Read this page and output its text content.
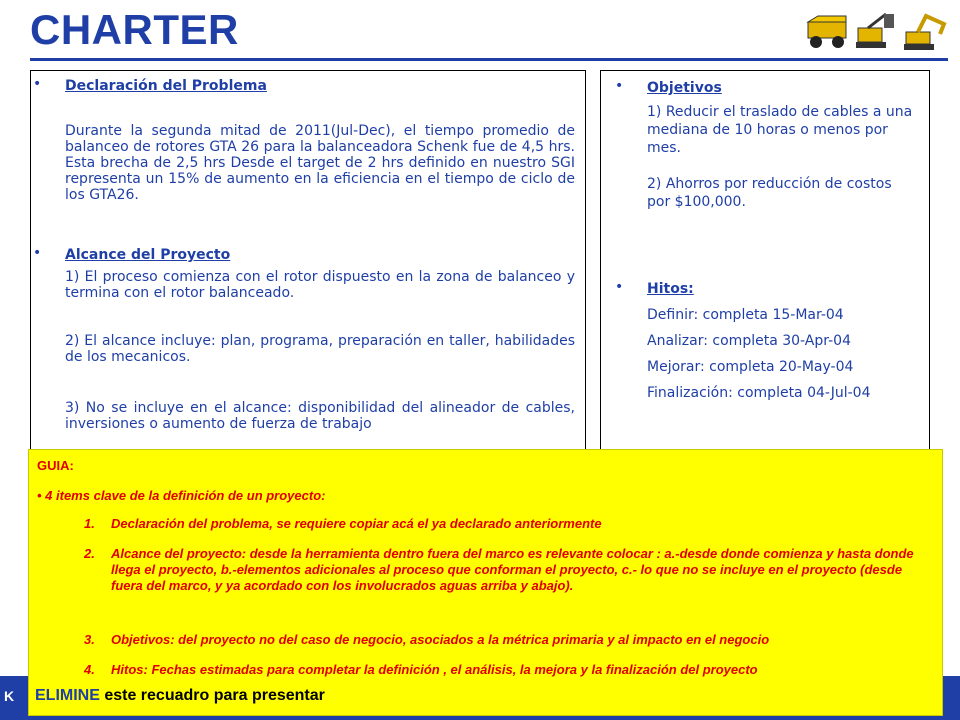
CHARTER
• Declaración del Problema
Durante la segunda mitad de 2011(Jul-Dec), el tiempo promedio de balanceo de rotores GTA 26 para la balanceadora Schenk fue de 4,5 hrs. Esta brecha de 2,5 hrs Desde el target de 2 hrs definido en nuestro SGI representa un 15% de aumento en la eficiencia en el tiempo de ciclo de los GTA26.
• Alcance del Proyecto
1) El proceso comienza con el rotor dispuesto en la zona de balanceo y termina con el rotor balanceado.
2) El alcance incluye: plan, programa, preparación en taller, habilidades de los mecanicos.
3) No se incluye en el alcance: disponibilidad del alineador de cables, inversiones o aumento de fuerza de trabajo
• Objetivos
1) Reducir el traslado de cables a una mediana de 10 horas o menos por mes.
2) Ahorros por reducción de costos por $100,000.
• Hitos:
Definir: completa 15-Mar-04
Analizar: completa 30-Apr-04
Mejorar: completa 20-May-04
Finalización: completa 04-Jul-04
K
GUIA:
• 4 items clave de la definición de un proyecto:
1. Declaración del problema, se requiere copiar acá el ya declarado anteriormente
2. Alcance del proyecto: desde la herramienta dentro fuera del marco es relevante colocar : a.-desde donde comienza y hasta donde llega el proyecto, b.-elementos adicionales al proceso que conforman el proyecto, c.- lo que no se incluye en el proyecto (desde fuera del marco, y ya acordado con los involucrados aguas arriba y abajo).
3. Objetivos: del proyecto no del caso de negocio, asociados a la métrica primaria y al impacto en el negocio
4. Hitos: Fechas estimadas para completar la definición , el análisis, la mejora y la finalización del proyecto
ELIMINE este recuadro para presentar
